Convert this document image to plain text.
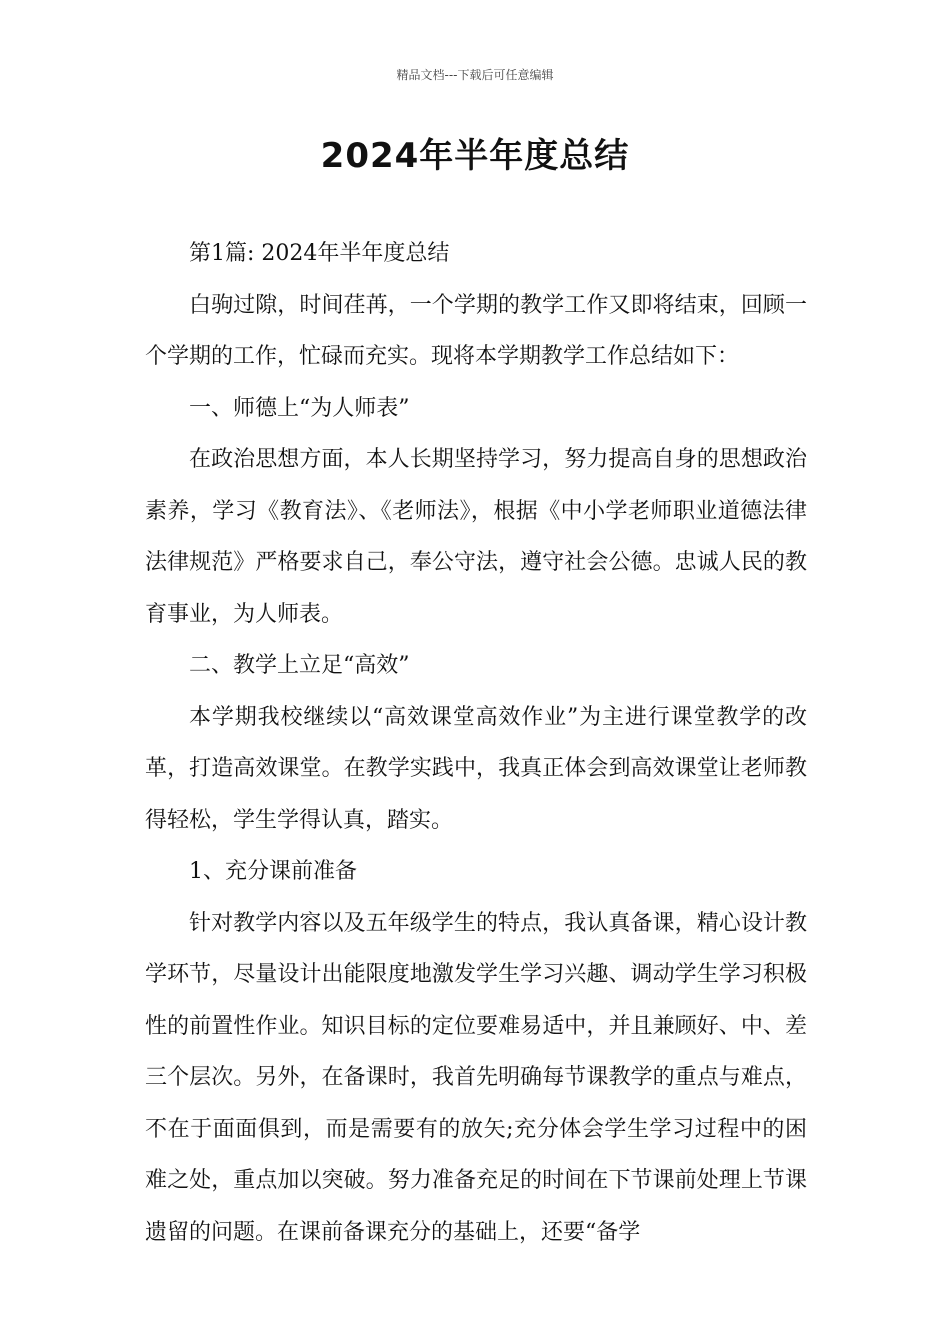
精品文档---下载后可任意编辑
2024年半年度总结

第1篇: 2024年半年度总结

白驹过隙，时间荏苒，一个学期的教学工作又即将结束，回顾一个学期的工作，忙碌而充实。现将本学期教学工作总结如下：

一、师德上“为人师表”

在政治思想方面，本人长期坚持学习，努力提高自身的思想政治素养，学习《教育法》、《老师法》，根据《中小学老师职业道德法律法律规范》严格要求自己，奉公守法，遵守社会公德。忠诚人民的教育事业，为人师表。

二、教学上立足“高效”

本学期我校继续以“高效课堂高效作业”为主进行课堂教学的改革，打造高效课堂。在教学实践中，我真正体会到高效课堂让老师教得轻松，学生学得认真，踏实。

1、充分课前准备

针对教学内容以及五年级学生的特点，我认真备课，精心设计教学环节，尽量设计出能限度地激发学生学习兴趣、调动学生学习积极性的前置性作业。知识目标的定位要难易适中，并且兼顾好、中、差三个层次。另外，在备课时，我首先明确每节课教学的重点与难点，不在于面面俱到，而是需要有的放矢;充分体会学生学习过程中的困难之处，重点加以突破。努力准备充足的时间在下节课前处理上节课遗留的问题。在课前备课充分的基础上，还要“备学
